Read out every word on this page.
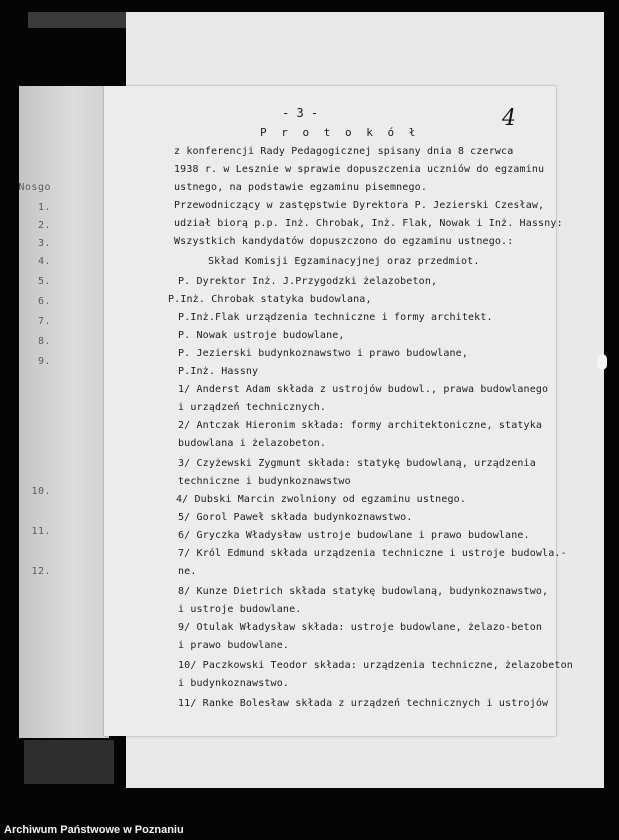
Nosgo
1.
2.
3.
4.
5.
6.
7.
8.
9.
10.
11.
12.
- 3 -	4
P r o t o k ó ł
z konferencji Rady Pedagogicznej spisany dnia 8 czerwca
1938 r. w Lesznie w sprawie dopuszczenia uczniów do egzaminu
ustnego, na podstawie egzaminu pisemnego.
Przewodniczący w zastępstwie Dyrektora P. Jezierski Czesław,
udział biorą p.p. Inż. Chrobak, Inż. Flak, Nowak i Inż. Hassny:
Wszystkich kandydatów dopuszczono do egzaminu ustnego.:
Skład Komisji Egzaminacyjnej oraz przedmiot.
P. Dyrektor Inż. J.Przygodzki żelazobeton,
P.Inż. Chrobak statyka budowlana,
P.Inż.Flak urządzenia techniczne i formy architekt.
P. Nowak ustroje budowlane,
P. Jezierski budynkoznawstwo i prawo budowlane,
P.Inż. Hassny
1/ Anderst Adam składa z ustrojów budowl., prawa budowlanego
i urządzeń technicznych.
2/ Antczak Hieronim składa: formy architektoniczne, statyka
budowlana i żelazobeton.
3/ Czyżewski Zygmunt składa: statykę budowlaną, urządzenia
techniczne i budynkoznawstwo
4/ Dubski Marcin zwolniony od egzaminu ustnego.
5/ Gorol Paweł składa budynkoznawstwo.
6/ Gryczka Władysław ustroje budowlane i prawo budowlane.
7/ Król Edmund składa urządzenia techniczne i ustroje budowla.-
ne.
8/ Kunze Dietrich składa statykę budowlaną, budynkoznawstwo,
i ustroje budowlane.
9/ Otulak Władysław składa: ustroje budowlane, żelazo-beton
i prawo budowlane.
10/ Paczkowski Teodor składa: urządzenia techniczne, żelazobeton
i budynkoznawstwo.
11/ Ranke Bolesław składa z urządzeń technicznych i ustrojów
Archiwum Państwowe w Poznaniu
